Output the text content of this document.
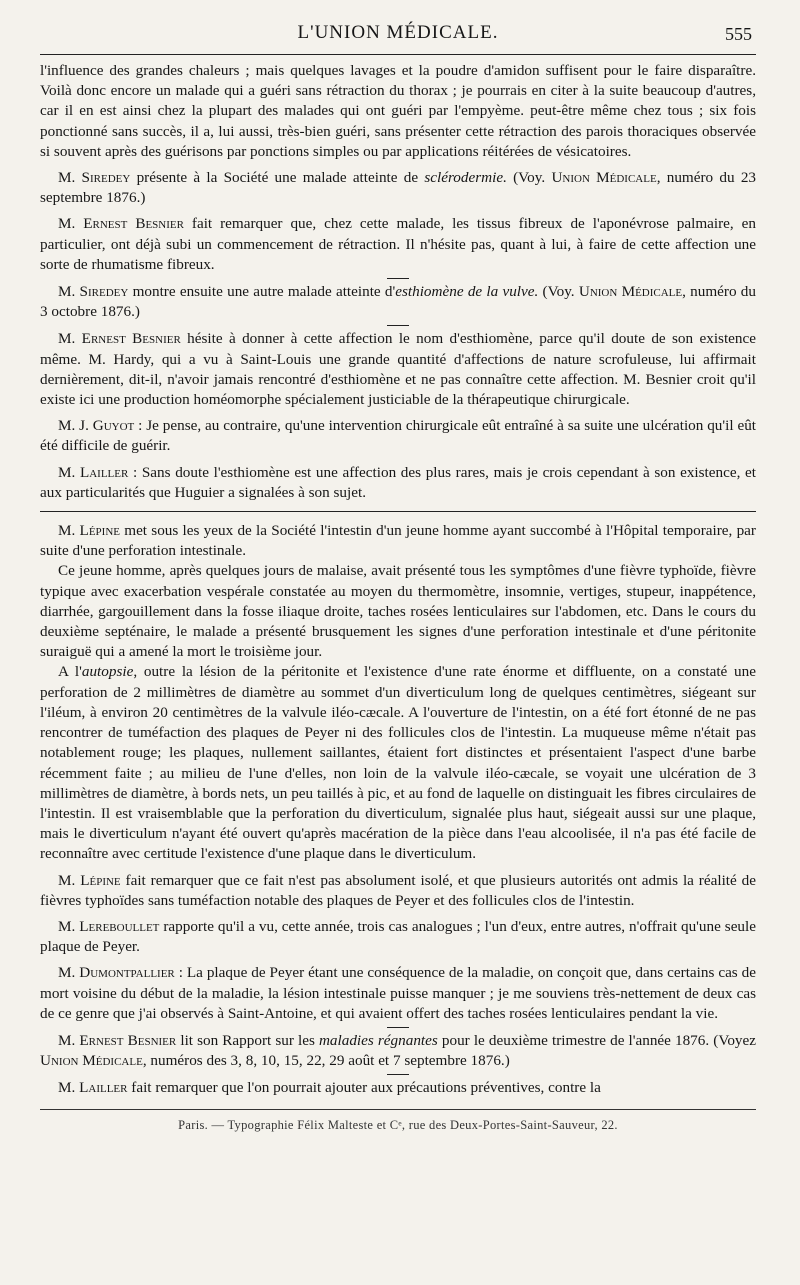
L'UNION MÉDICALE.	555

l'influence des grandes chaleurs ; mais quelques lavages et la poudre d'amidon suffisent pour le faire disparaître. Voilà donc encore un malade qui a guéri sans rétraction du thorax ; je pourrais en citer à la suite beaucoup d'autres, car il en est ainsi chez la plupart des malades qui ont guéri par l'empyème. peut-être même chez tous ; six fois ponctionné sans succès, il a, lui aussi, très-bien guéri, sans présenter cette rétraction des parois thoraciques observée si souvent après des guérisons par ponctions simples ou par applications réitérées de vésicatoires.

M. Siredey présente à la Société une malade atteinte de sclérodermie. (Voy. Union Médicale, numéro du 23 septembre 1876.)

M. Ernest Besnier fait remarquer que, chez cette malade, les tissus fibreux de l'aponévrose palmaire, en particulier, ont déjà subi un commencement de rétraction. Il n'hésite pas, quant à lui, à faire de cette affection une sorte de rhumatisme fibreux.

M. Siredey montre ensuite une autre malade atteinte d'esthiomène de la vulve. (Voy. Union Médicale, numéro du 3 octobre 1876.)

M. Ernest Besnier hésite à donner à cette affection le nom d'esthiomène, parce qu'il doute de son existence même. M. Hardy, qui a vu à Saint-Louis une grande quantité d'affections de nature scrofuleuse, lui affirmait dernièrement, dit-il, n'avoir jamais rencontré d'esthiomène et ne pas connaître cette affection. M. Besnier croit qu'il existe ici une production homéomorphe spécialement justiciable de la thérapeutique chirurgicale.

M. J. Guyot : Je pense, au contraire, qu'une intervention chirurgicale eût entraîné à sa suite une ulcération qu'il eût été difficile de guérir.

M. Lailler : Sans doute l'esthiomène est une affection des plus rares, mais je crois cependant à son existence, et aux particularités que Huguier a signalées à son sujet.

M. Lépine met sous les yeux de la Société l'intestin d'un jeune homme ayant succombé à l'Hôpital temporaire, par suite d'une perforation intestinale.

Ce jeune homme, après quelques jours de malaise, avait présenté tous les symptômes d'une fièvre typhoïde, fièvre typique avec exacerbation vespérale constatée au moyen du thermomètre, insomnie, vertiges, stupeur, inappétence, diarrhée, gargouillement dans la fosse iliaque droite, taches rosées lenticulaires sur l'abdomen, etc. Dans le cours du deuxième septénaire, le malade a présenté brusquement les signes d'une perforation intestinale et d'une péritonite suraiguë qui a amené la mort le troisième jour.

A l'autopsie, outre la lésion de la péritonite et l'existence d'une rate énorme et diffluente, on a constaté une perforation de 2 millimètres de diamètre au sommet d'un diverticulum long de quelques centimètres, siégeant sur l'iléum, à environ 20 centimètres de la valvule iléo-cæcale. A l'ouverture de l'intestin, on a été fort étonné de ne pas rencontrer de tuméfaction des plaques de Peyer ni des follicules clos de l'intestin. La muqueuse même n'était pas notablement rouge; les plaques, nullement saillantes, étaient fort distinctes et présentaient l'aspect d'une barbe récemment faite ; au milieu de l'une d'elles, non loin de la valvule iléo-cæcale, se voyait une ulcération de 3 millimètres de diamètre, à bords nets, un peu taillés à pic, et au fond de laquelle on distinguait les fibres circulaires de l'intestin. Il est vraisemblable que la perforation du diverticulum, signalée plus haut, siégeait aussi sur une plaque, mais le diverticulum n'ayant été ouvert qu'après macération de la pièce dans l'eau alcoolisée, il n'a pas été facile de reconnaître avec certitude l'existence d'une plaque dans le diverticulum.

M. Lépine fait remarquer que ce fait n'est pas absolument isolé, et que plusieurs autorités ont admis la réalité de fièvres typhoïdes sans tuméfaction notable des plaques de Peyer et des follicules clos de l'intestin.

M. Lereboullet rapporte qu'il a vu, cette année, trois cas analogues ; l'un d'eux, entre autres, n'offrait qu'une seule plaque de Peyer.

M. Dumontpallier : La plaque de Peyer étant une conséquence de la maladie, on conçoit que, dans certains cas de mort voisine du début de la maladie, la lésion intestinale puisse manquer ; je me souviens très-nettement de deux cas de ce genre que j'ai observés à Saint-Antoine, et qui avaient offert des taches rosées lenticulaires pendant la vie.

M. Ernest Besnier lit son Rapport sur les maladies régnantes pour le deuxième trimestre de l'année 1876. (Voyez Union Médicale, numéros des 3, 8, 10, 15, 22, 29 août et 7 septembre 1876.)

M. Lailler fait remarquer que l'on pourrait ajouter aux précautions préventives, contre la

Paris. — Typographie Félix Malteste et Cᵉ, rue des Deux-Portes-Saint-Sauveur, 22.
